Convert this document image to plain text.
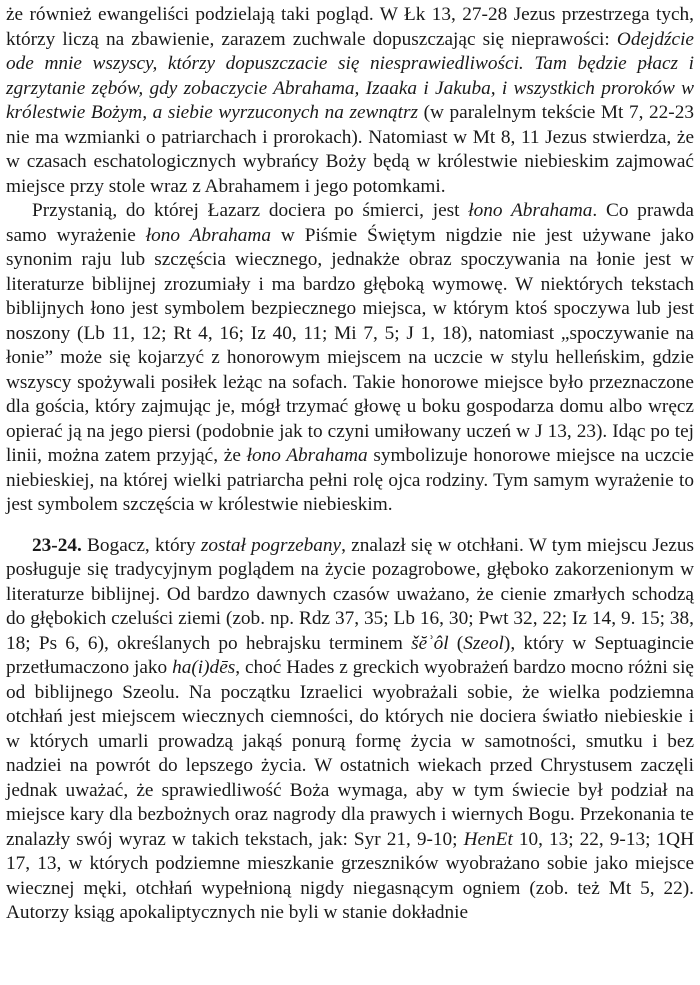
że również ewangeliści podzielają taki pogląd. W Łk 13, 27-28 Jezus przestrzega tych, którzy liczą na zbawienie, zarazem zuchwale dopuszczając się nieprawości: Odejdźcie ode mnie wszyscy, którzy dopuszczacie się niesprawiedliwości. Tam będzie płacz i zgrzytanie zębów, gdy zobaczycie Abrahama, Izaaka i Jakuba, i wszystkich proroków w królestwie Bożym, a siebie wyrzuconych na zewnątrz (w paralelnym tekście Mt 7, 22-23 nie ma wzmianki o patriarchach i prorokach). Natomiast w Mt 8, 11 Jezus stwierdza, że w czasach eschatologicznych wybrańcy Boży będą w królestwie niebieskim zajmować miejsce przy stole wraz z Abrahamem i jego potomkami.

Przystanią, do której Łazarz dociera po śmierci, jest łono Abrahama. Co prawda samo wyrażenie łono Abrahama w Piśmie Świętym nigdzie nie jest używane jako synonim raju lub szczęścia wiecznego, jednakże obraz spoczywania na łonie jest w literaturze biblijnej zrozumiały i ma bardzo głęboką wymowę. W niektórych tekstach biblijnych łono jest symbolem bezpiecznego miejsca, w którym ktoś spoczywa lub jest noszony (Lb 11, 12; Rt 4, 16; Iz 40, 11; Mi 7, 5; J 1, 18), natomiast „spoczywanie na łonie” może się kojarzyć z honorowym miejscem na uczcie w stylu helleńskim, gdzie wszyscy spożywali posiłek leżąc na sofach. Takie honorowe miejsce było przeznaczone dla gościa, który zajmując je, mógł trzymać głowę u boku gospodarza domu albo wręcz opierać ją na jego piersi (podobnie jak to czyni umiłowany uczeń w J 13, 23). Idąc po tej linii, można zatem przyjąć, że łono Abrahama symbolizuje honorowe miejsce na uczcie niebieskiej, na której wielki patriarcha pełni rolę ojca rodziny. Tym samym wyrażenie to jest symbolem szczęścia w królestwie niebieskim.

23-24. Bogacz, który został pogrzebany, znalazł się w otchłani. W tym miejscu Jezus posługuje się tradycyjnym poglądem na życie pozagrobowe, głęboko zakorzenionym w literaturze biblijnej. Od bardzo dawnych czasów uważano, że cienie zmarłych schodzą do głębokich czeluści ziemi (zob. np. Rdz 37, 35; Lb 16, 30; Pwt 32, 22; Iz 14, 9. 15; 38, 18; Ps 6, 6), określanych po hebrajsku terminem šĕʾôl (Szeol), który w Septuagincie przetłumaczono jako ha(i)dēs, choć Hades z greckich wyobrażeń bardzo mocno różni się od biblijnego Szeolu. Na początku Izraelici wyobrażali sobie, że wielka podziemna otchłań jest miejscem wiecznych ciemności, do których nie dociera światło niebieskie i w których umarli prowadzą jakąś ponurą formę życia w samotności, smutku i bez nadziei na powrót do lepszego życia. W ostatnich wiekach przed Chrystusem zaczęli jednak uważać, że sprawiedliwość Boża wymaga, aby w tym świecie był podział na miejsce kary dla bezbożnych oraz nagrody dla prawych i wiernych Bogu. Przekonania te znalazły swój wyraz w takich tekstach, jak: Syr 21, 9-10; HenEt 10, 13; 22, 9-13; 1QH 17, 13, w których podziemne mieszkanie grzeszników wyobrażano sobie jako miejsce wiecznej męki, otchłań wypełnioną nigdy niegasnącym ogniem (zob. też Mt 5, 22). Autorzy ksiąg apokaliptycznych nie byli w stanie dokładnie
